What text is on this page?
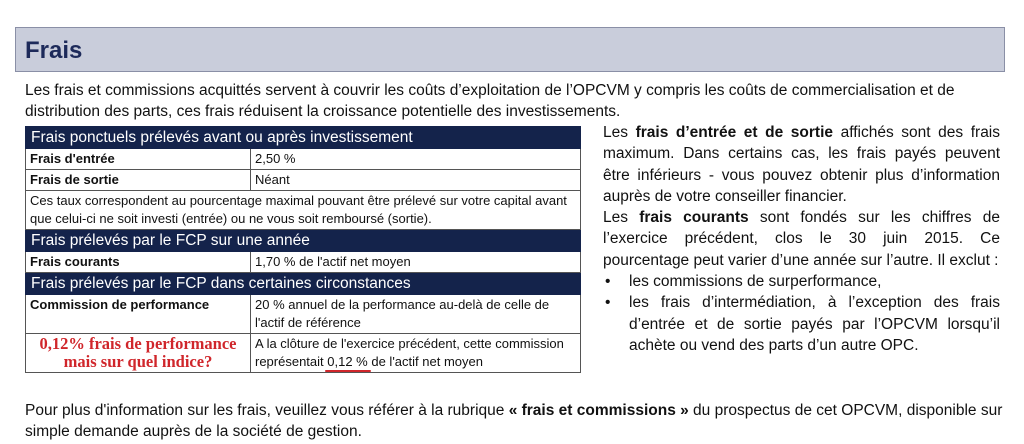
Frais
Les frais et commissions acquittés servent à couvrir les coûts d’exploitation de l’OPCVM y compris les coûts de commercialisation et de distribution des parts, ces frais réduisent la croissance potentielle des investissements.
Frais ponctuels prélevés avant ou après investissement	
Frais d'entrée	2,50 %
Frais de sortie	Néant
Ces taux correspondent au pourcentage maximal pouvant être prélevé sur votre capital avant que celui-ci ne soit investi (entrée) ou ne vous soit remboursé (sortie).	
Frais prélevés par le FCP sur une année	
Frais courants	1,70 % de l'actif net moyen
Frais prélevés par le FCP dans certaines circonstances	
Commission de performance	20 % annuel de la performance au-delà de celle de l'actif de référence
0,12% frais de performance mais sur quel indice?	A la clôture de l'exercice précédent, cette commission représentait 0,12 % de l'actif net moyen

Les frais d’entrée et de sortie affichés sont des frais maximum. Dans certains cas, les frais payés peuvent être inférieurs - vous pouvez obtenir plus d’information auprès de votre conseiller financier.

Les frais courants sont fondés sur les chiffres de l’exercice précédent, clos le 30 juin 2015. Ce pourcentage peut varier d’une année sur l’autre. Il exclut :

• les commissions de surperformance,
• les frais d’intermédiation, à l’exception des frais d’entrée et de sortie payés par l’OPCVM lorsqu’il achète ou vend des parts d’un autre OPC.
Pour plus d'information sur les frais, veuillez vous référer à la rubrique « frais et commissions » du prospectus de cet OPCVM, disponible sur simple demande auprès de la société de gestion.
